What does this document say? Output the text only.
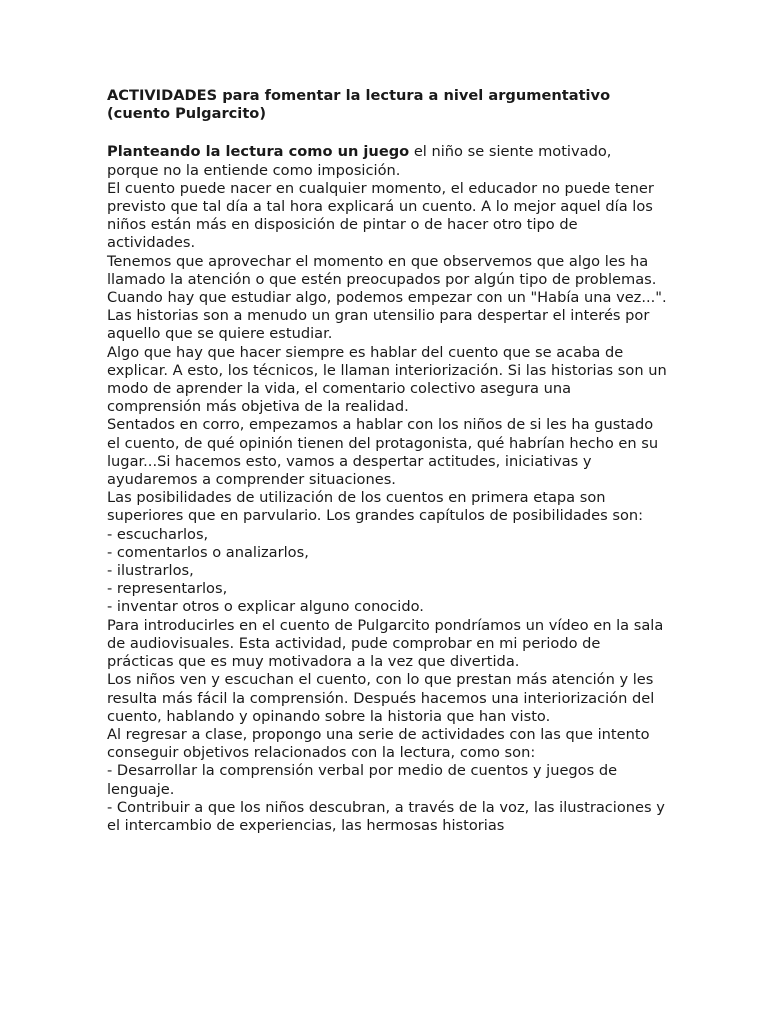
ACTIVIDADES para fomentar la lectura a nivel argumentativo (cuento Pulgarcito)

Planteando la lectura como un juego el niño se siente motivado, porque no la entiende como imposición.

El cuento puede nacer en cualquier momento, el educador no puede tener previsto que tal día a tal hora explicará un cuento. A lo mejor aquel día los niños están más en disposición de pintar o de hacer otro tipo de actividades.

Tenemos que aprovechar el momento en que observemos que algo les ha llamado la atención o que estén preocupados por algún tipo de problemas.

Cuando hay que estudiar algo, podemos empezar con un "Había una vez...". Las historias son a menudo un gran utensilio para despertar el interés por aquello que se quiere estudiar.

Algo que hay que hacer siempre es hablar del cuento que se acaba de explicar. A esto, los técnicos, le llaman interiorización. Si las historias son un modo de aprender la vida, el comentario colectivo asegura una comprensión más objetiva de la realidad.

Sentados en corro, empezamos a hablar con los niños de si les ha gustado el cuento, de qué opinión tienen del protagonista, qué habrían hecho en su lugar...Si hacemos esto, vamos a despertar actitudes, iniciativas y ayudaremos a comprender situaciones.

Las posibilidades de utilización de los cuentos en primera etapa son superiores que en parvulario. Los grandes capítulos de posibilidades son:

- escucharlos,

- comentarlos o analizarlos,

- ilustrarlos,

- representarlos,

- inventar otros o explicar alguno conocido.

Para introducirles en el cuento de Pulgarcito pondríamos un vídeo en la sala de audiovisuales. Esta actividad, pude comprobar en mi periodo de prácticas que es muy motivadora a la vez que divertida.

Los niños ven y escuchan el cuento, con lo que prestan más atención y les resulta más fácil la comprensión. Después hacemos una interiorización del cuento, hablando y opinando sobre la historia que han visto.

Al regresar a clase, propongo una serie de actividades con las que intento conseguir objetivos relacionados con la lectura, como son:

- Desarrollar la comprensión verbal por medio de cuentos y juegos de lenguaje.

- Contribuir a que los niños descubran, a través de la voz, las ilustraciones y el intercambio de experiencias, las hermosas historias
